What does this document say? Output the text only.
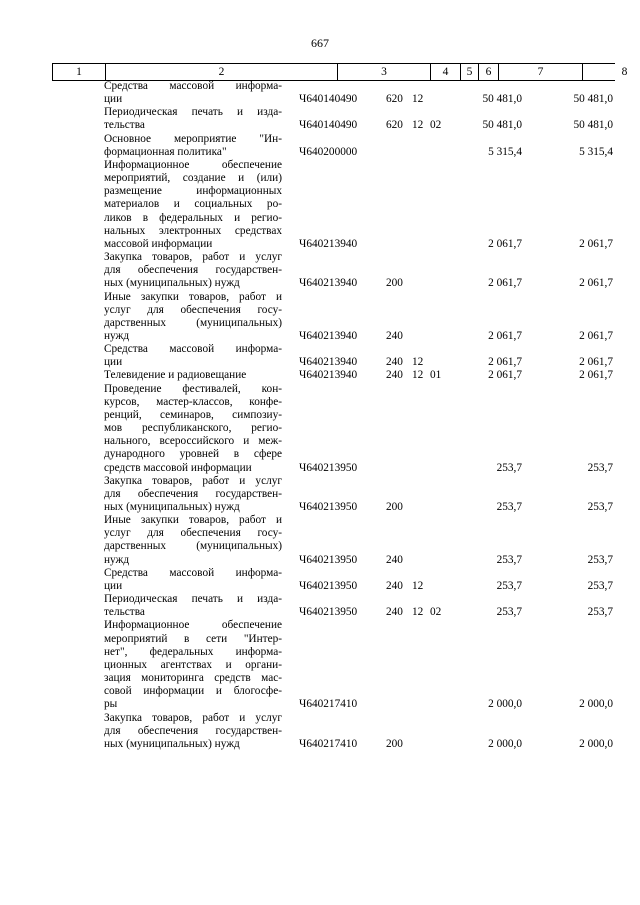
667
1	2	3	4	5	6	7	8
Средства массовой информа-
ции	Ч640140490	620 12	50 481,0	50 481,0
Периодическая печать и изда-
тельства	Ч640140490	620 12 02	50 481,0	50 481,0
Основное мероприятие "Ин-
формационная политика"	Ч640200000	5 315,4	5 315,4
Информационное обеспечение
мероприятий, создание и (или)
размещение информационных
материалов и социальных ро-
ликов в федеральных и регио-
нальных электронных средствах
массовой информации	Ч640213940	2 061,7	2 061,7
Закупка товаров, работ и услуг
для обеспечения государствен-
ных (муниципальных) нужд	Ч640213940	200	2 061,7	2 061,7
Иные закупки товаров, работ и
услуг для обеспечения госу-
дарственных (муниципальных)
нужд	Ч640213940	240	2 061,7	2 061,7
Средства массовой информа-
ции	Ч640213940	240 12	2 061,7	2 061,7
Телевидение и радиовещание	Ч640213940	240 12 01	2 061,7	2 061,7
Проведение фестивалей, кон-
курсов, мастер-классов, конфе-
ренций, семинаров, симпозиу-
мов республиканского, регио-
нального, всероссийского и меж-
дународного уровней в сфере
средств массовой информации	Ч640213950	253,7	253,7
Закупка товаров, работ и услуг
для обеспечения государствен-
ных (муниципальных) нужд	Ч640213950	200	253,7	253,7
Иные закупки товаров, работ и
услуг для обеспечения госу-
дарственных (муниципальных)
нужд	Ч640213950	240	253,7	253,7
Средства массовой информа-
ции	Ч640213950	240 12	253,7	253,7
Периодическая печать и изда-
тельства	Ч640213950	240 12 02	253,7	253,7
Информационное обеспечение
мероприятий в сети "Интер-
нет", федеральных информа-
ционных агентствах и органи-
зация мониторинга средств мас-
совой информации и блогосфе-
ры	Ч640217410	2 000,0	2 000,0
Закупка товаров, работ и услуг
для обеспечения государствен-
ных (муниципальных) нужд	Ч640217410	200	2 000,0	2 000,0
